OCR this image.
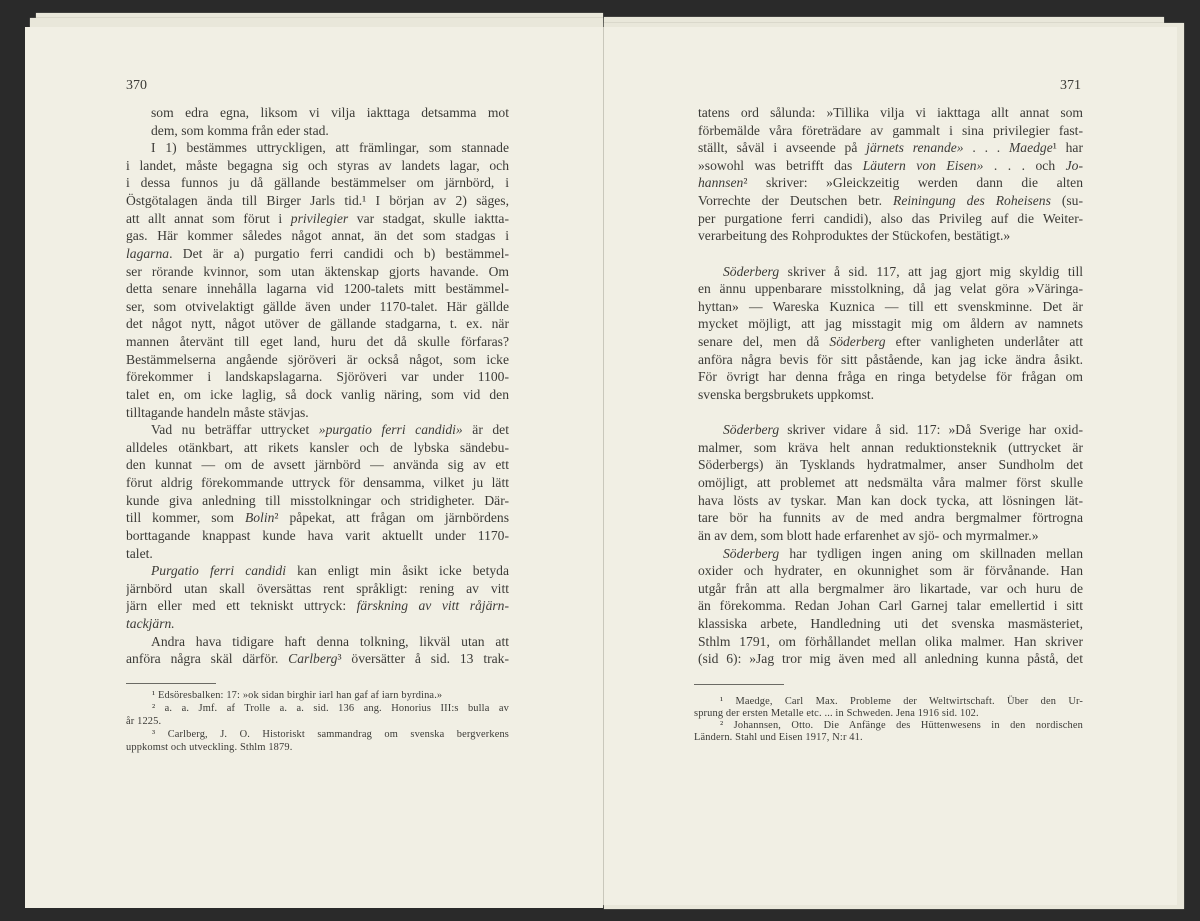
370	371
som edra egna, liksom vi vilja iakttaga detsamma mot
dem, som komma från eder stad.
I 1) bestämmes uttryckligen, att främlingar, som stannade
i landet, måste begagna sig och styras av landets lagar, och
i dessa funnos ju då gällande bestämmelser om järnbörd, i
Östgötalagen ända till Birger Jarls tid.¹ I början av 2) säges,
att allt annat som förut i privilegier var stadgat, skulle iaktta-
gas. Här kommer således något annat, än det som stadgas i
lagarna. Det är a) purgatio ferri candidi och b) bestämmel-
ser rörande kvinnor, som utan äktenskap gjorts havande. Om
detta senare innehålla lagarna vid 1200-talets mitt bestämmel-
ser, som otvivelaktigt gällde även under 1170-talet. Här gällde
det något nytt, något utöver de gällande stadgarna, t. ex. när
mannen återvänt till eget land, huru det då skulle förfaras?
Bestämmelserna angående sjöröveri är också något, som icke
förekommer i landskapslagarna. Sjöröveri var under 1100-
talet en, om icke laglig, så dock vanlig näring, som vid den
tilltagande handeln måste stävjas.
Vad nu beträffar uttrycket »purgatio ferri candidi» är det
alldeles otänkbart, att rikets kansler och de lybska sändebu-
den kunnat — om de avsett järnbörd — använda sig av ett
förut aldrig förekommande uttryck för densamma, vilket ju lätt
kunde giva anledning till misstolkningar och stridigheter. Där-
till kommer, som Bolin² påpekat, att frågan om järnbördens
borttagande knappast kunde hava varit aktuellt under 1170-
talet.
Purgatio ferri candidi kan enligt min åsikt icke betyda
järnbörd utan skall översättas rent språkligt: rening av vitt
järn eller med ett tekniskt uttryck: färskning av vitt råjärn-
tackjärn.
Andra hava tidigare haft denna tolkning, likväl utan att
anföra några skäl därför. Carlberg³ översätter å sid. 13 trak-
tatens ord sålunda: »Tillika vilja vi iakttaga allt annat som
förbemälde våra företrädare av gammalt i sina privilegier fast-
ställt, såväl i avseende på järnets renande» . . . Maedge¹ har
»sowohl was betrifft das Läutern von Eisen» . . . och Jo-
hannsen² skriver: »Gleickzeitig werden dann die alten
Vorrechte der Deutschen betr. Reiningung des Roheisens (su-
per purgatione ferri candidi), also das Privileg auf die Weiter-
verarbeitung des Rohproduktes der Stückofen, bestätigt.»
Söderberg skriver å sid. 117, att jag gjort mig skyldig till
en ännu uppenbarare misstolkning, då jag velat göra »Väringa-
hyttan» — Wareska Kuznica — till ett svenskminne. Det är
mycket möjligt, att jag misstagit mig om åldern av namnets
senare del, men då Söderberg efter vanligheten underlåter att
anföra några bevis för sitt påstående, kan jag icke ändra åsikt.
För övrigt har denna fråga en ringa betydelse för frågan om
svenska bergsbrukets uppkomst.
Söderberg skriver vidare å sid. 117: »Då Sverige har oxid-
malmer, som kräva helt annan reduktionsteknik (uttrycket är
Söderbergs) än Tysklands hydratmalmer, anser Sundholm det
omöjligt, att problemet att nedsmälta våra malmer först skulle
hava lösts av tyskar. Man kan dock tycka, att lösningen lät-
tare bör ha funnits av de med andra bergmalmer förtrogna
än av dem, som blott hade erfarenhet av sjö- och myrmalmer.»
Söderberg har tydligen ingen aning om skillnaden mellan
oxider och hydrater, en okunnighet som är förvånande. Han
utgår från att alla bergmalmer äro likartade, var och huru de
än förekomma. Redan Johan Carl Garnej talar emellertid i sitt
klassiska arbete, Handledning uti det svenska masmästeriet,
Sthlm 1791, om förhållandet mellan olika malmer. Han skriver
(sid 6): »Jag tror mig även med all anledning kunna påstå, det
¹ Edsöresbalken: 17: »ok sidan birghir iarl han gaf af iarn byrdina.»
² a. a. Jmf. af Trolle a. a. sid. 136 ang. Honorius III:s bulla av
år 1225.
³ Carlberg, J. O. Historiskt sammandrag om svenska bergverkens
uppkomst och utveckling. Sthlm 1879.
¹ Maedge, Carl Max. Probleme der Weltwirtschaft. Über den Ur-
sprung der ersten Metalle etc. ... in Schweden. Jena 1916 sid. 102.
² Johannsen, Otto. Die Anfänge des Hüttenwesens in den nordischen
Ländern. Stahl und Eisen 1917, N:r 41.
